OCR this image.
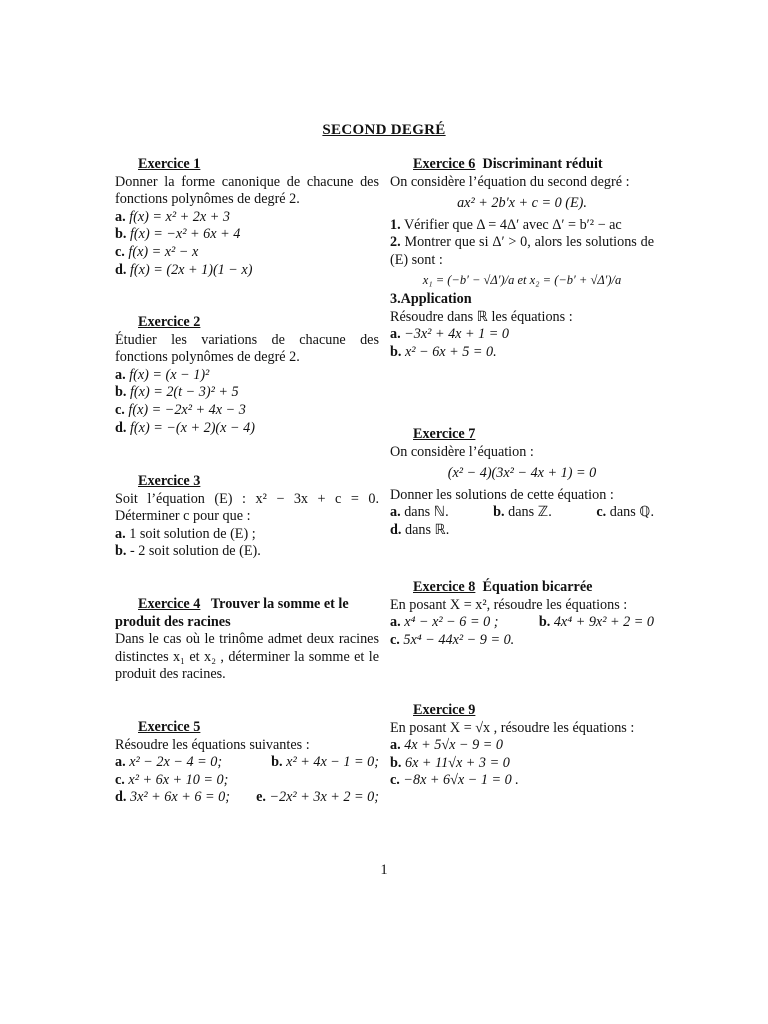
SECOND DEGRÉ
Exercice 1
Donner la forme canonique de chacune des fonctions polynômes de degré 2.
a. f(x) = x² + 2x + 3
b. f(x) = −x² + 6x + 4
c. f(x) = x² − x
d. f(x) = (2x + 1)(1 − x)
Exercice 2
Étudier les variations de chacune des fonctions polynômes de degré 2.
a. f(x) = (x − 1)²
b. f(x) = 2(t − 3)² + 5
c. f(x) = −2x² + 4x − 3
d. f(x) = −(x + 2)(x − 4)
Exercice 3
Soit l’équation (E) : x² − 3x + c = 0. Déterminer c pour que :
a. 1 soit solution de (E) ;
b. - 2 soit solution de (E).
Exercice 4 Trouver la somme et le produit des racines
Dans le cas où le trinôme admet deux racines distinctes x₁ et x₂ , déterminer la somme et le produit des racines.
Exercice 5
Résoudre les équations suivantes :
a. x² − 2x − 4 = 0;	b. x² + 4x − 1 = 0;
c. x² + 6x + 10 = 0;
d. 3x² + 6x + 6 = 0; e. −2x² + 3x + 2 = 0;
Exercice 6 Discriminant réduit
On considère l’équation du second degré :
ax² + 2b′x + c = 0 (E).
1. Vérifier que Δ = 4Δ′ avec Δ′ = b′² − ac
2. Montrer que si Δ′ > 0, alors les solutions de (E) sont :
x₁ = (−b′ − √Δ′)/a et x₂ = (−b′ + √Δ′)/a
3.Application
Résoudre dans ℝ les équations :
a. −3x² + 4x + 1 = 0
b. x² − 6x + 5 = 0.
Exercice 7
On considère l’équation :
(x² − 4)(3x² − 4x + 1) = 0
Donner les solutions de cette équation :
a. dans ℕ.	b. dans ℤ.	c. dans ℚ.
d. dans ℝ.
Exercice 8 Équation bicarrée
En posant X = x², résoudre les équations :
a. x⁴ − x² − 6 = 0 ;	b. 4x⁴ + 9x² + 2 = 0
c. 5x⁴ − 44x² − 9 = 0.
Exercice 9
En posant X = √x , résoudre les équations :
a. 4x + 5√x − 9 = 0
b. 6x + 11√x + 3 = 0
c. −8x + 6√x − 1 = 0 .
1
